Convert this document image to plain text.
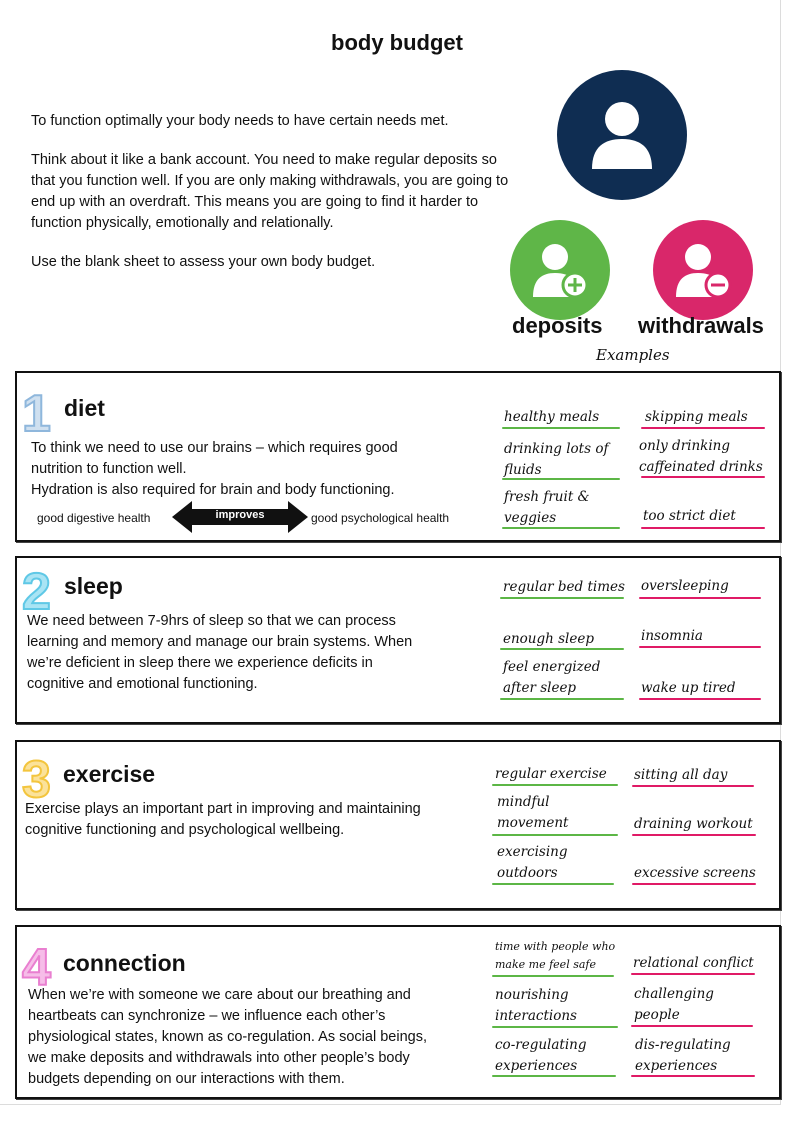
body budget

To function optimally your body needs to have certain needs met.

Think about it like a bank account. You need to make regular deposits so that you function well. If you are only making withdrawals, you are going to end up with an overdraft. This means you are going to find it harder to function physically, emotionally and relationally.

Use the blank sheet to assess your own body budget.

deposits withdrawals
Examples
1 diet

To think we need to use our brains – which requires good

nutrition to function well.

Hydration is also required for brain and body functioning.

good digestive health	improves	good psychological health
healthy meals
drinking lots of
fluids
fresh fruit &
veggies
skipping meals
only drinking
caffeinated drinks
too strict diet
2 sleep

We need between 7-9hrs of sleep so that we can process

learning and memory and manage our brain systems. When

we’re deficient in sleep there we experience deficits in

cognitive and emotional functioning.

regular bed times
enough sleep
feel energized
after sleep
oversleeping
insomnia
wake up tired
3 exercise

Exercise plays an important part in improving and maintaining

cognitive functioning and psychological wellbeing.

regular exercise
mindful
movement
exercising
outdoors
sitting all day
draining workout
excessive screens
4 connection

When we’re with someone we care about our breathing and

heartbeats can synchronize – we influence each other’s

physiological states, known as co-regulation. As social beings,

we make deposits and withdrawals into other people’s body

budgets depending on our interactions with them.

time with people who
make me feel safe
nourishing
interactions
co-regulating
experiences
relational conflict
challenging
people
dis-regulating
experiences
